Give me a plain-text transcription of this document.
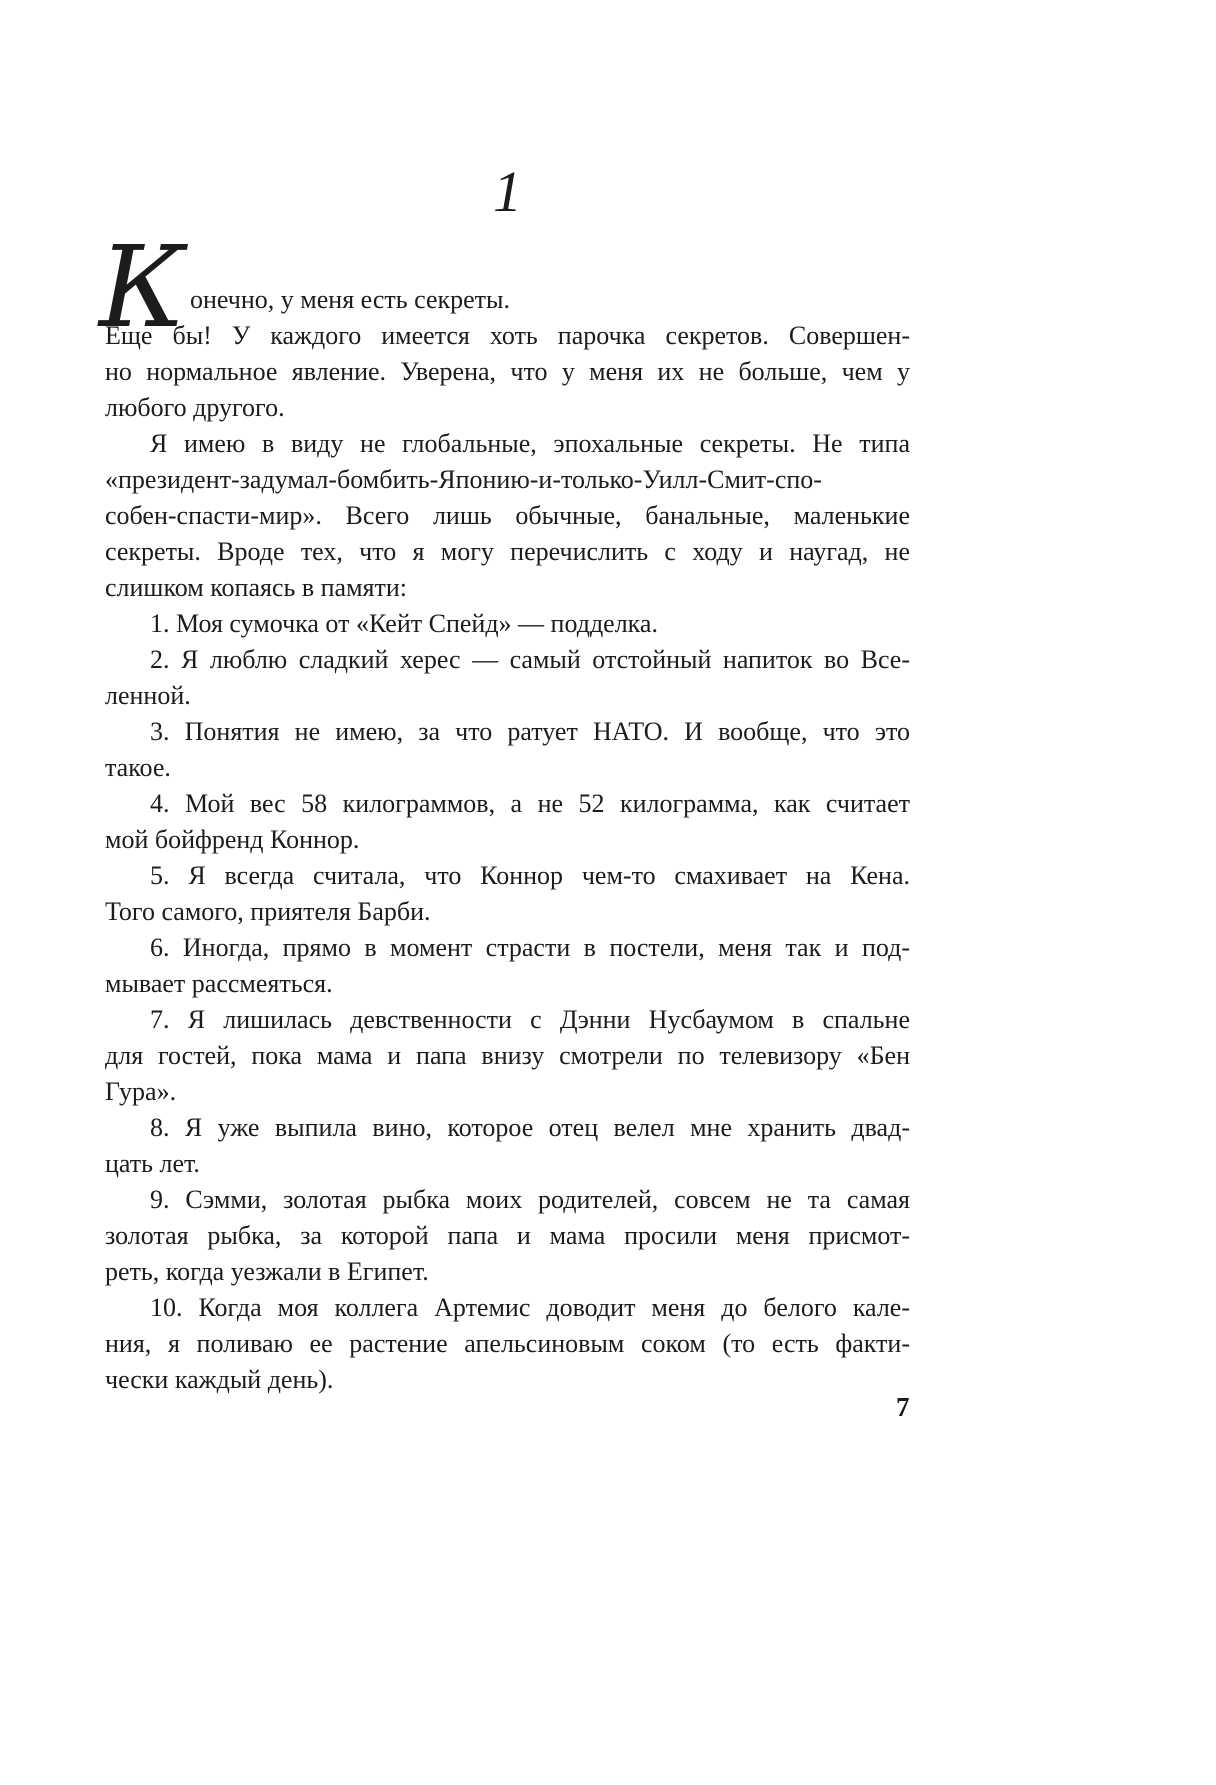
1
К онечно, у меня есть секреты.
Еще бы! У каждого имеется хоть парочка секретов. Совершен-
но нормальное явление. Уверена, что у меня их не больше, чем у
любого другого.
Я имею в виду не глобальные, эпохальные секреты. Не типа
«президент-задумал-бомбить-Японию-и-только-Уилл-Смит-спо-
собен-спасти-мир». Всего лишь обычные, банальные, маленькие
секреты. Вроде тех, что я могу перечислить с ходу и наугад, не
слишком копаясь в памяти:
1. Моя сумочка от «Кейт Спейд» — подделка.
2. Я люблю сладкий херес — самый отстойный напиток во Все-
ленной.
3. Понятия не имею, за что ратует НАТО. И вообще, что это
такое.
4. Мой вес 58 килограммов, а не 52 килограмма, как считает
мой бойфренд Коннор.
5. Я всегда считала, что Коннор чем-то смахивает на Кена.
Того самого, приятеля Барби.
6. Иногда, прямо в момент страсти в постели, меня так и под-
мывает рассмеяться.
7. Я лишилась девственности с Дэнни Нусбаумом в спальне
для гостей, пока мама и папа внизу смотрели по телевизору «Бен
Гура».
8. Я уже выпила вино, которое отец велел мне хранить двад-
цать лет.
9. Сэмми, золотая рыбка моих родителей, совсем не та самая
золотая рыбка, за которой папа и мама просили меня присмот-
реть, когда уезжали в Египет.
10. Когда моя коллега Артемис доводит меня до белого кале-
ния, я поливаю ее растение апельсиновым соком (то есть факти-
чески каждый день).
7
